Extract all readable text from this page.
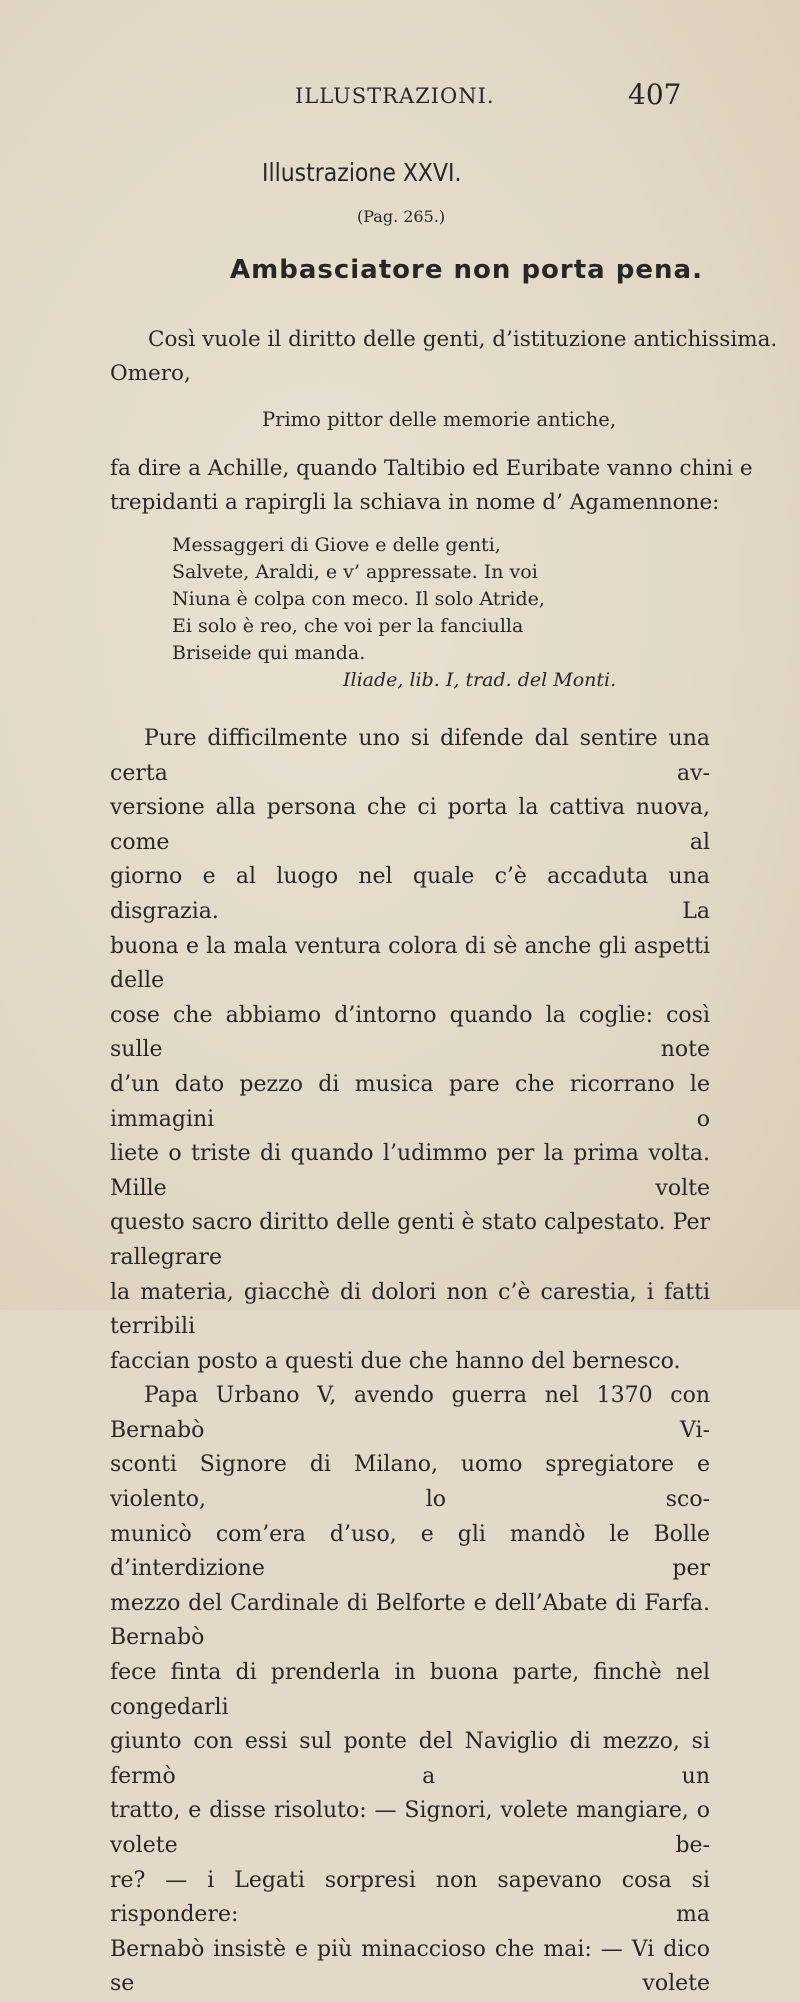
ILLUSTRAZIONI.	407
Illustrazione XXVI.
(Pag. 265.)
Ambasciatore non porta pena.
Così vuole il diritto delle genti, d’istituzione antichissima.
Omero,
Primo pittor delle memorie antiche,
fa dire a Achille, quando Taltibio ed Euribate vanno chini e
trepidanti a rapirgli la schiava in nome d’ Agamennone:
Messaggeri di Giove e delle genti,
Salvete, Araldi, e v’ appressate. In voi
Niuna è colpa con meco. Il solo Atride,
Ei solo è reo, che voi per la fanciulla
Briseide qui manda.
Iliade, lib. I, trad. del Monti.

Pure difficilmente uno si difende dal sentire una certa av-

versione alla persona che ci porta la cattiva nuova, come al

giorno e al luogo nel quale c’è accaduta una disgrazia. La

buona e la mala ventura colora di sè anche gli aspetti delle

cose che abbiamo d’intorno quando la coglie: così sulle note

d’un dato pezzo di musica pare che ricorrano le immagini o

liete o triste di quando l’udimmo per la prima volta. Mille volte

questo sacro diritto delle genti è stato calpestato. Per rallegrare

la materia, giacchè di dolori non c’è carestia, i fatti terribili

faccian posto a questi due che hanno del bernesco.

Papa Urbano V, avendo guerra nel 1370 con Bernabò Vi-

sconti Signore di Milano, uomo spregiatore e violento, lo sco-

municò com’era d’uso, e gli mandò le Bolle d’interdizione per

mezzo del Cardinale di Belforte e dell’Abate di Farfa. Bernabò

fece finta di prenderla in buona parte, finchè nel congedarli

giunto con essi sul ponte del Naviglio di mezzo, si fermò a un

tratto, e disse risoluto: — Signori, volete mangiare, o volete be-

re? — i Legati sorpresi non sapevano cosa si rispondere: ma

Bernabò insistè e più minaccioso che mai: — Vi dico se volete
